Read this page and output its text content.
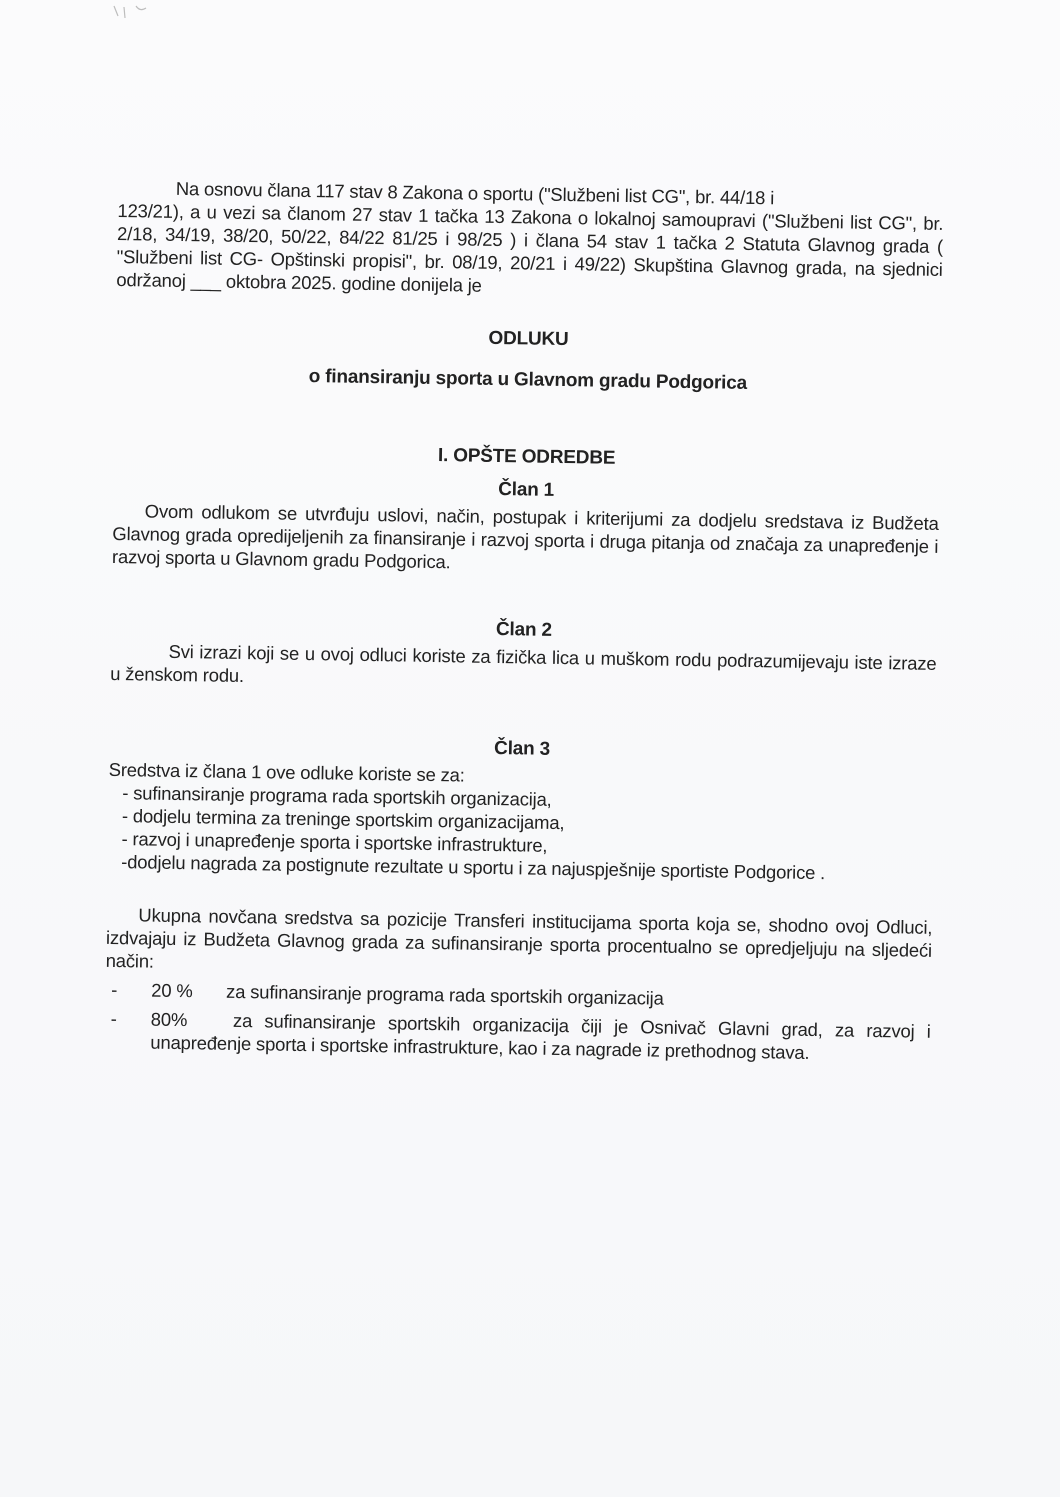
Na osnovu člana 117 stav 8 Zakona o sportu ("Službeni list CG", br. 44/18 i

123/21), a u vezi sa članom 27 stav 1 tačka 13 Zakona o lokalnoj samoupravi ("Službeni list CG", br. 2/18, 34/19, 38/20, 50/22, 84/22 81/25 i 98/25 ) i člana 54 stav 1 tačka 2 Statuta Glavnog grada ( "Službeni list CG- Opštinski propisi", br. 08/19, 20/21 i 49/22) Skupština Glavnog grada, na sjednici održanoj ___ oktobra 2025. godine donijela je

ODLUKU

o finansiranju sporta u Glavnom gradu Podgorica

I. OPŠTE ODREDBE

Član 1

Ovom odlukom se utvrđuju uslovi, način, postupak i kriterijumi za dodjelu sredstava iz Budžeta Glavnog grada opredijeljenih za finansiranje i razvoj sporta i druga pitanja od značaja za unapređenje i razvoj sporta u Glavnom gradu Podgorica.

Član 2

Svi izrazi koji se u ovoj odluci koriste za fizička lica u muškom rodu podrazumijevaju iste izraze u ženskom rodu.

Član 3

Sredstva iz člana 1 ove odluke koriste se za:

- sufinansiranje programa rada sportskih organizacija,
- dodjelu termina za treninge sportskim organizacijama,
- razvoj i unapređenje sporta i sportske infrastrukture,
-dodjelu nagrada za postignute rezultate u sportu i za najuspješnije sportiste Podgorice .

Ukupna novčana sredstva sa pozicije Transferi institucijama sporta koja se, shodno ovoj Odluci, izdvajaju iz Budžeta Glavnog grada za sufinansiranje sporta procentualno se opredjeljuju na sljedeći način:

- 20 % za sufinansiranje programa rada sportskih organizacija
- 80% za sufinansiranje sportskih organizacija čiji je Osnivač Glavni grad, za razvoj i unapređenje sporta i sportske infrastrukture, kao i za nagrade iz prethodnog stava.
